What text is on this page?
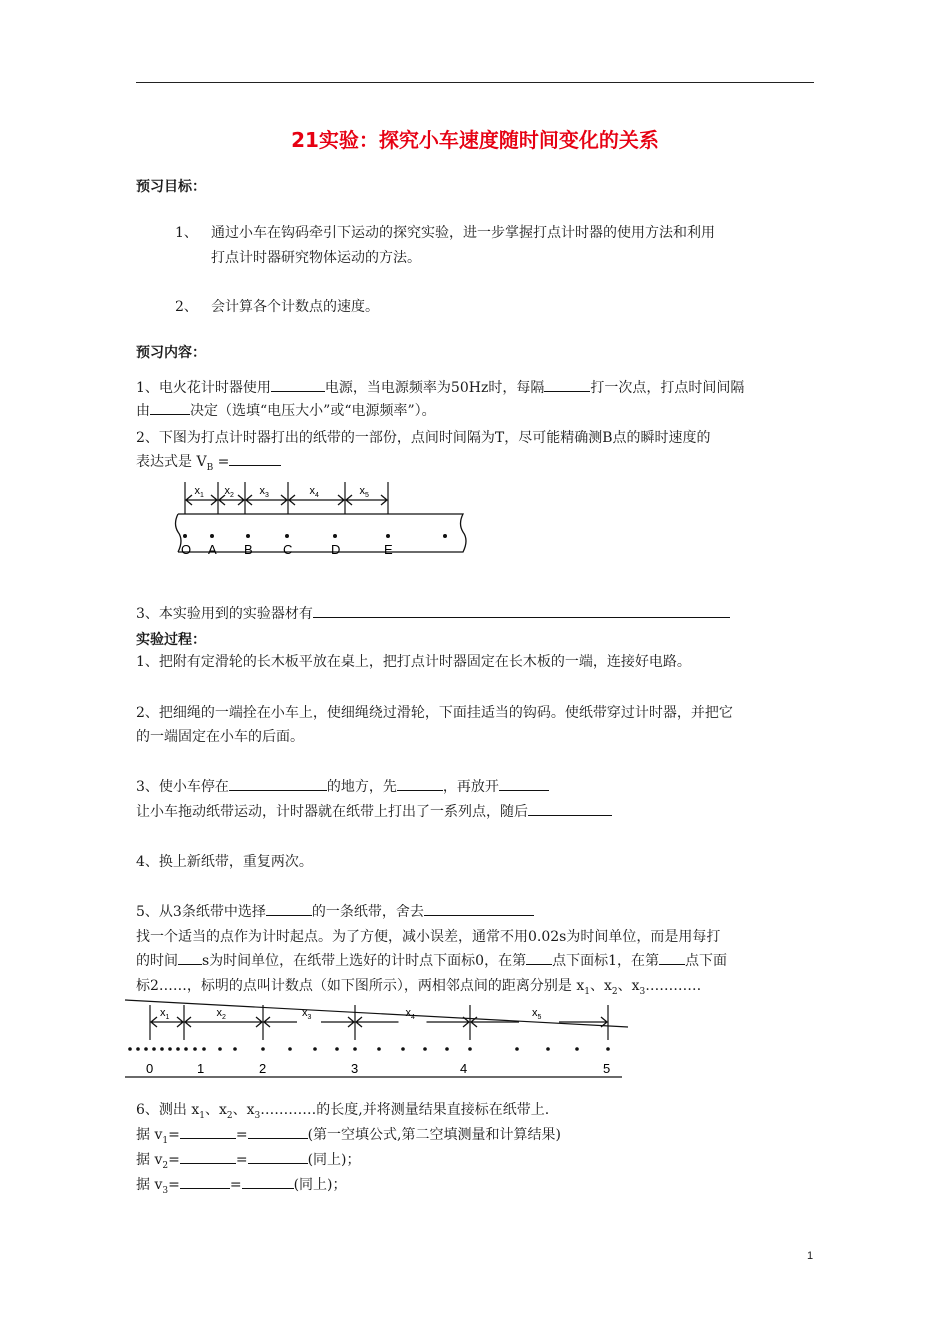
21实验：探究小车速度随时间变化的关系
预习目标：
1、 通过小车在钩码牵引下运动的探究实验，进一步掌握打点计时器的使用方法和利用
打点计时器研究物体运动的方法。
2、 会计算各个计数点的速度。
预习内容：
1、电火花计时器使用	电源，当电源频率为50Hz时，每隔	打一次点，打点时间间隔
由	决定（选填“电压大小”或“电源频率”）。
2、下图为打点计时器打出的纸带的一部份，点间时间隔为T，尽可能精确测B点的瞬时速度的
表达式是 $V_B$ =
$x_1$ $x_2$ $x_3$	$x_4$	$x_5$
O A B C	D	E
3、本实验用到的实验器材有
实验过程：
1、把附有定滑轮的长木板平放在桌上，把打点计时器固定在长木板的一端，连接好电路。
2、把细绳的一端拴在小车上，使细绳绕过滑轮，下面挂适当的钩码。使纸带穿过计时器，并把它
的一端固定在小车的后面。
3、使小车停在	的地方，先	，再放开
让小车拖动纸带运动，计时器就在纸带上打出了一系列点，随后
4、换上新纸带，重复两次。
5、从3条纸带中选择	的一条纸带，舍去
找一个适当的点作为计时起点。为了方便，减小误差，通常不用0.02s为时间单位，而是用每打
的时间 s为时间单位，在纸带上选好的计时点下面标0，在第 点下面标1，在第 点下面
标2……，标明的点叫计数点（如下图所示），两相邻点间的距离分别是 $x_1$、$x_2$、$x_3\dots\dots\dots\dots$
$x_1$	$x_2$	$x_3$	$x_4$	$x_5$
0	1	2	3	4	5
6、测出 $x_1$、$x_2$、$x_3\dots\dots\dots\dots$的长度,并将测量结果直接标在纸带上.
据 $v_1=$	=	(第一空填公式,第二空填测量和计算结果)
据 $v_2=$	=	(同上)；
据 $v_3=$	=	(同上)；
1
